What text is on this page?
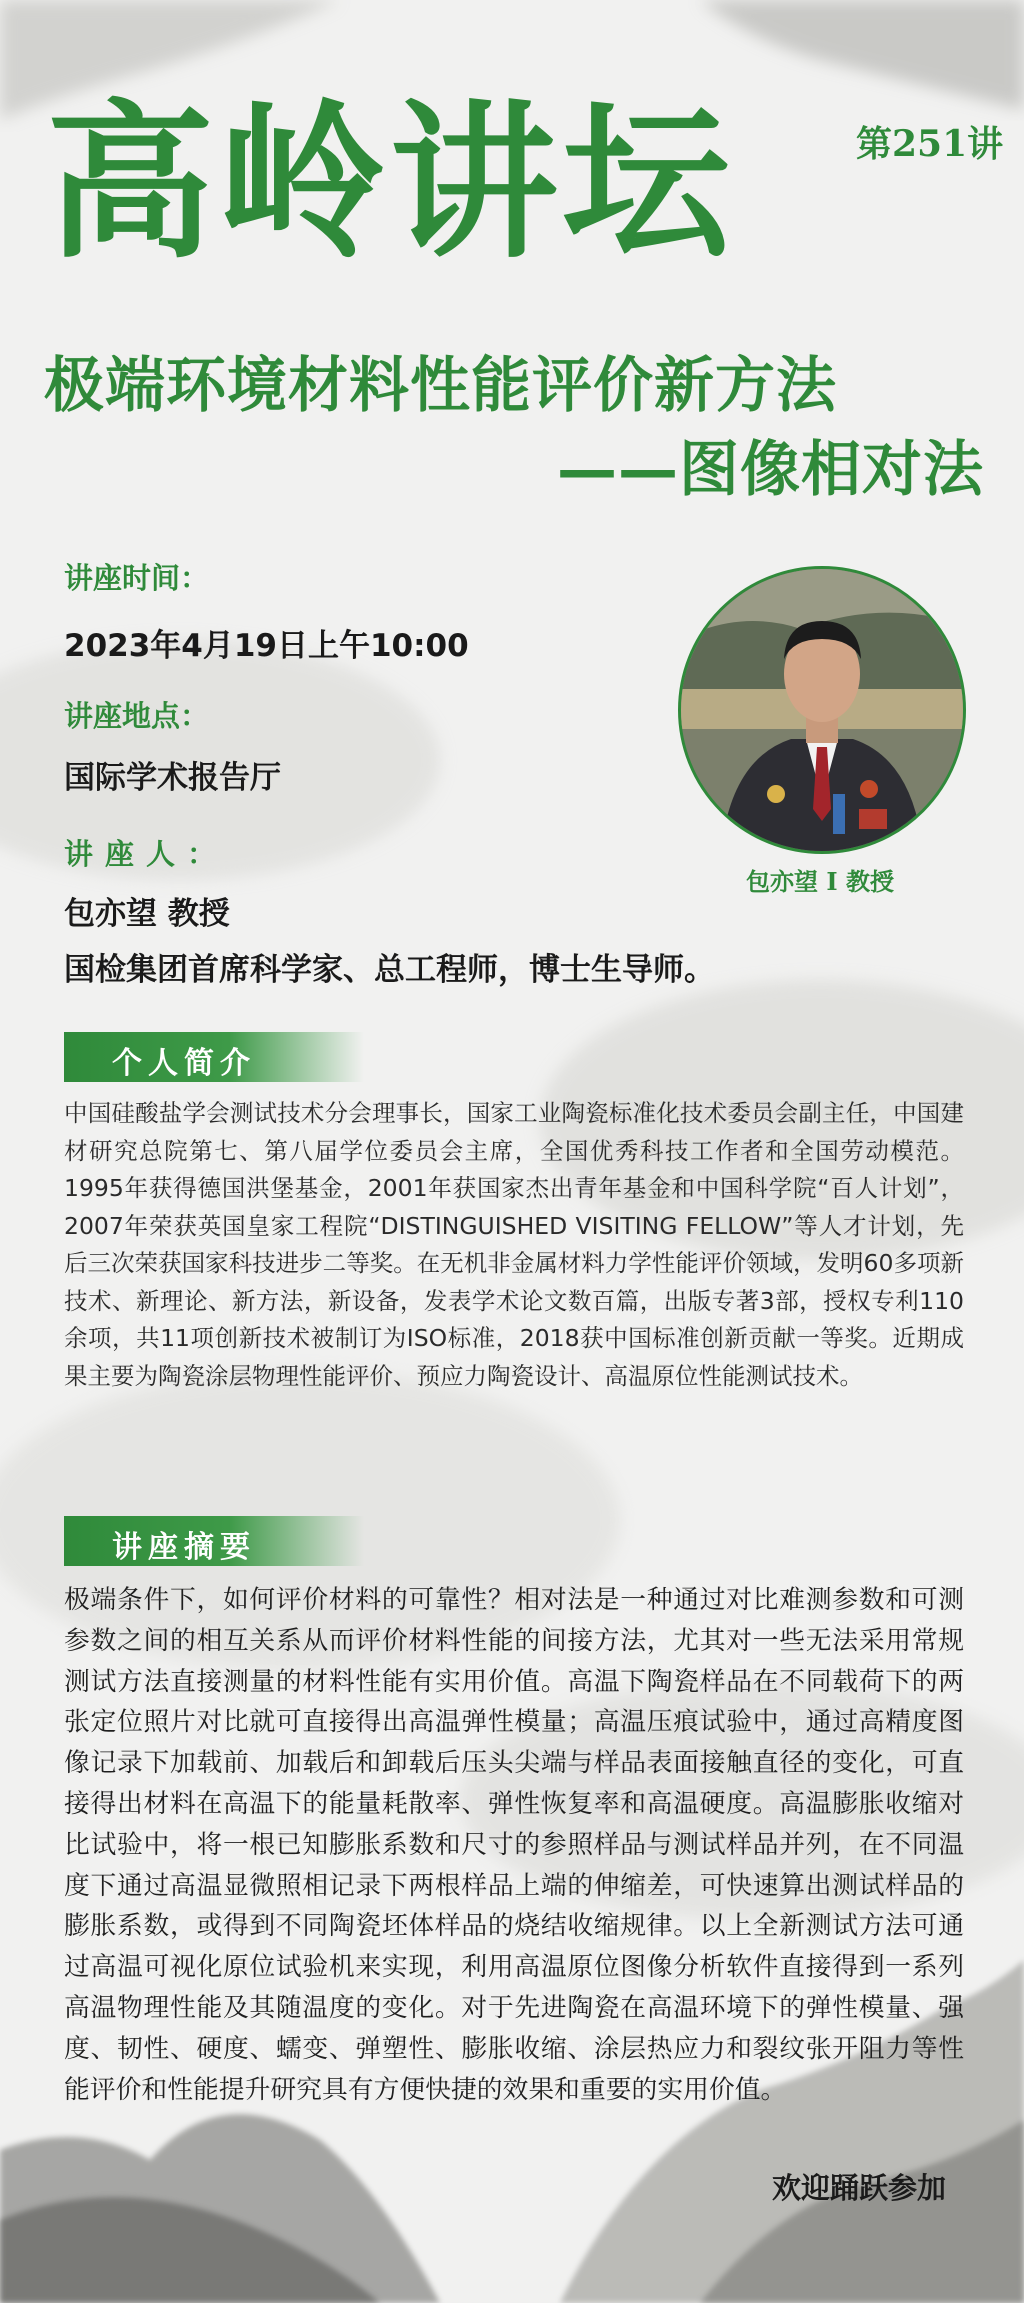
高岭讲坛	第251讲
极端环境材料性能评价新方法
——图像相对法
讲座时间：
2023年4月19日上午10:00
讲座地点：
国际学术报告厅
讲座人：
包亦望 教授
国检集团首席科学家、总工程师，博士生导师。
包亦望 I 教授
个人简介
中国硅酸盐学会测试技术分会理事长，国家工业陶瓷标准化技术委员会副主任，中国建材研究总院第七、第八届学位委员会主席，全国优秀科技工作者和全国劳动模范。1995年获得德国洪堡基金，2001年获国家杰出青年基金和中国科学院“百人计划”，2007年荣获英国皇家工程院“DISTINGUISHED VISITING FELLOW”等人才计划，先后三次荣获国家科技进步二等奖。在无机非金属材料力学性能评价领域，发明60多项新技术、新理论、新方法，新设备，发表学术论文数百篇，出版专著3部，授权专利110余项，共11项创新技术被制订为ISO标准，2018获中国标准创新贡献一等奖。近期成果主要为陶瓷涂层物理性能评价、预应力陶瓷设计、高温原位性能测试技术。
讲座摘要
极端条件下，如何评价材料的可靠性？相对法是一种通过对比难测参数和可测参数之间的相互关系从而评价材料性能的间接方法，尤其对一些无法采用常规测试方法直接测量的材料性能有实用价值。高温下陶瓷样品在不同载荷下的两张定位照片对比就可直接得出高温弹性模量；高温压痕试验中，通过高精度图像记录下加载前、加载后和卸载后压头尖端与样品表面接触直径的变化，可直接得出材料在高温下的能量耗散率、弹性恢复率和高温硬度。高温膨胀收缩对比试验中，将一根已知膨胀系数和尺寸的参照样品与测试样品并列，在不同温度下通过高温显微照相记录下两根样品上端的伸缩差，可快速算出测试样品的膨胀系数，或得到不同陶瓷坯体样品的烧结收缩规律。以上全新测试方法可通过高温可视化原位试验机来实现，利用高温原位图像分析软件直接得到一系列高温物理性能及其随温度的变化。对于先进陶瓷在高温环境下的弹性模量、强度、韧性、硬度、蠕变、弹塑性、膨胀收缩、涂层热应力和裂纹张开阻力等性能评价和性能提升研究具有方便快捷的效果和重要的实用价值。
欢迎踊跃参加
